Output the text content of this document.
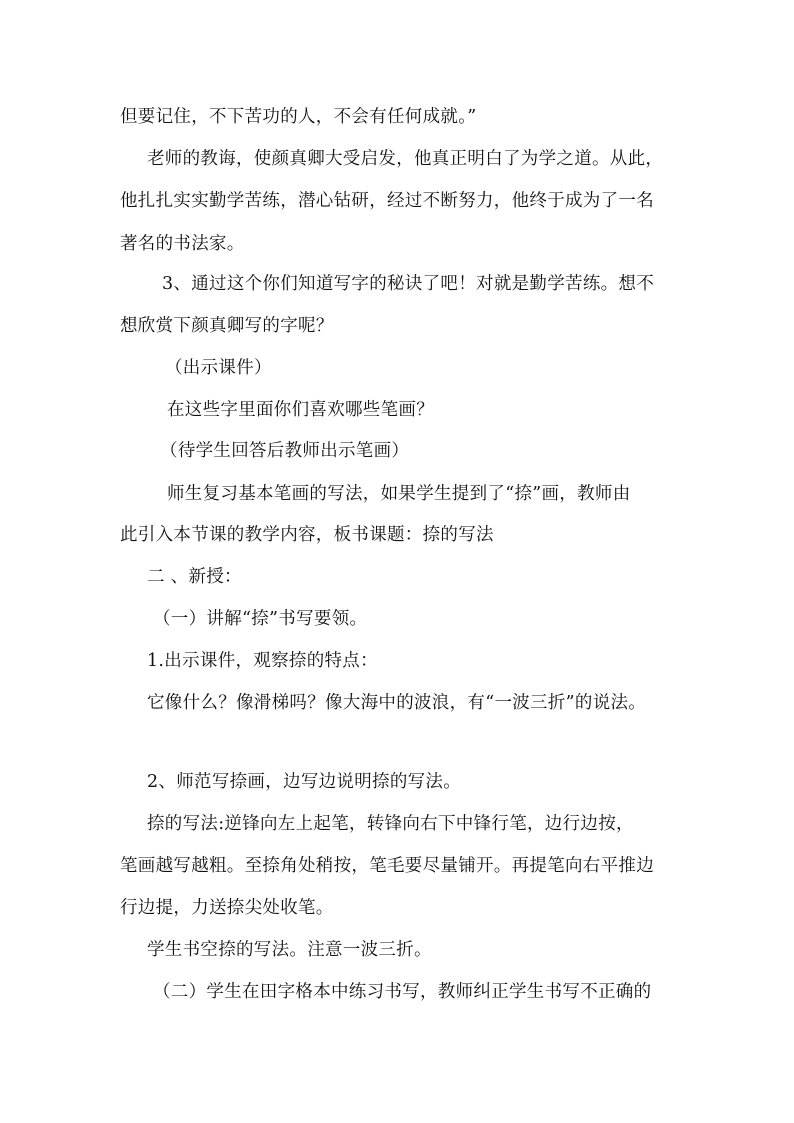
但要记住，不下苦功的人，不会有任何成就。”
老师的教诲，使颜真卿大受启发，他真正明白了为学之道。从此，
他扎扎实实勤学苦练，潜心钻研，经过不断努力，他终于成为了一名
著名的书法家。
3、通过这个你们知道写字的秘诀了吧！对就是勤学苦练。想不
想欣赏下颜真卿写的字呢？
（出示课件）
在这些字里面你们喜欢哪些笔画？
（待学生回答后教师出示笔画）
师生复习基本笔画的写法，如果学生提到了“捺”画，教师由
此引入本节课的教学内容，板书课题：捺的写法
二 、新授：
（一）讲解“捺”书写要领。
1.出示课件，观察捺的特点：
它像什么？像滑梯吗？像大海中的波浪，有“一波三折”的说法。
2、师范写捺画，边写边说明捺的写法。
捺的写法:逆锋向左上起笔，转锋向右下中锋行笔，边行边按，
笔画越写越粗。至捺角处稍按，笔毛要尽量铺开。再提笔向右平推边
行边提，力送捺尖处收笔。
学生书空捺的写法。注意一波三折。
（二）学生在田字格本中练习书写，教师纠正学生书写不正确的
